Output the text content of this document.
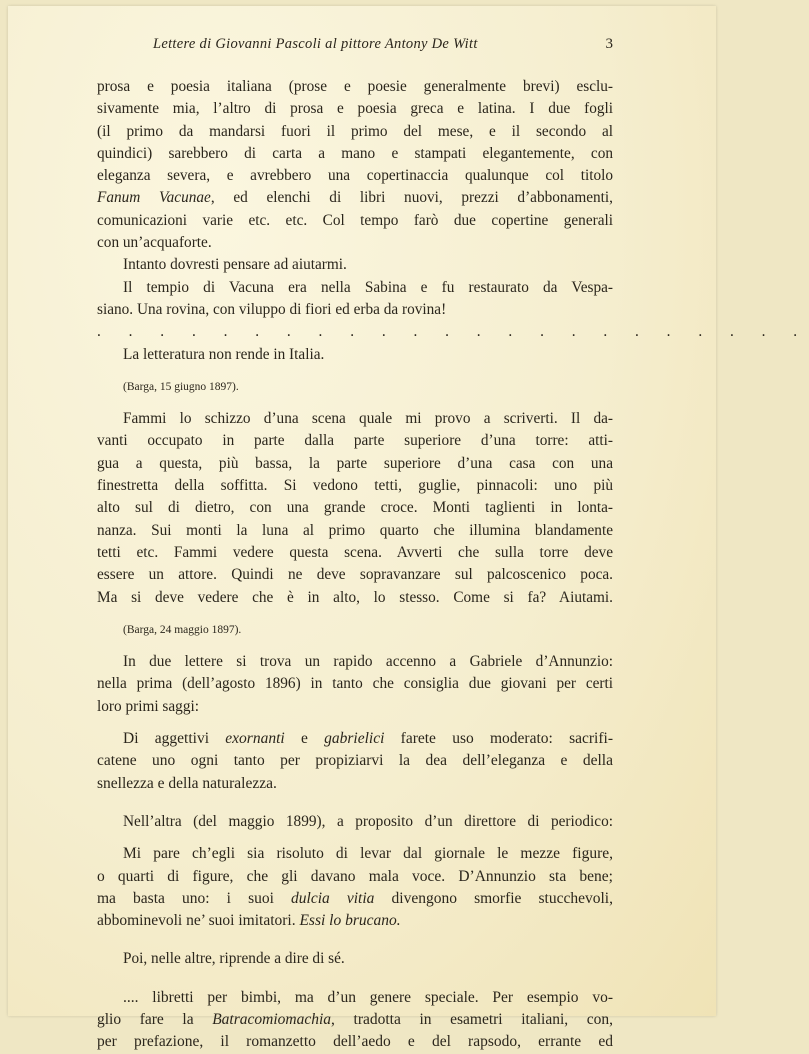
Lettere di Giovanni Pascoli al pittore Antony De Witt	3
prosa e poesia italiana (prose e poesie generalmente brevi) esclu-
sivamente mia, l’altro di prosa e poesia greca e latina. I due fogli
(il primo da mandarsi fuori il primo del mese, e il secondo al
quindici) sarebbero di carta a mano e stampati elegantemente, con
eleganza severa, e avrebbero una copertinaccia qualunque col titolo
Fanum Vacunae, ed elenchi di libri nuovi, prezzi d’abbonamenti,
comunicazioni varie etc. etc. Col tempo farò due copertine generali
con un’acquaforte.
Intanto dovresti pensare ad aiutarmi.
Il tempio di Vacuna era nella Sabina e fu restaurato da Vespa-
siano. Una rovina, con viluppo di fiori ed erba da rovina!
. . . . . . . . . . . . . . . . . . . . . . .
La letteratura non rende in Italia.
(Barga, 15 giugno 1897).
Fammi lo schizzo d’una scena quale mi provo a scriverti. Il da-
vanti occupato in parte dalla parte superiore d’una torre: atti-
gua a questa, più bassa, la parte superiore d’una casa con una
finestretta della soffitta. Si vedono tetti, guglie, pinnacoli: uno più
alto sul di dietro, con una grande croce. Monti taglienti in lonta-
nanza. Sui monti la luna al primo quarto che illumina blandamente
tetti etc. Fammi vedere questa scena. Avverti che sulla torre deve
essere un attore. Quindi ne deve sopravanzare sul palcoscenico poca.
Ma si deve vedere che è in alto, lo stesso. Come si fa? Aiutami.
(Barga, 24 maggio 1897).
In due lettere si trova un rapido accenno a Gabriele d’Annunzio:
nella prima (dell’agosto 1896) in tanto che consiglia due giovani per certi
loro primi saggi:
Di aggettivi exornanti e gabrielici farete uso moderato: sacrifi-
catene uno ogni tanto per propiziarvi la dea dell’eleganza e della
snellezza e della naturalezza.
Nell’altra (del maggio 1899), a proposito d’un direttore di periodico:
Mi pare ch’egli sia risoluto di levar dal giornale le mezze figure,
o quarti di figure, che gli davano mala voce. D’Annunzio sta bene;
ma basta uno: i suoi dulcia vitia divengono smorfie stucchevoli,
abbominevoli ne’ suoi imitatori. Essi lo brucano.
Poi, nelle altre, riprende a dire di sé.
.... libretti per bimbi, ma d’un genere speciale. Per esempio vo-
glio fare la Batracomiomachia, tradotta in esametri italiani, con,
per prefazione, il romanzetto dell’aedo e del rapsodo, errante ed
